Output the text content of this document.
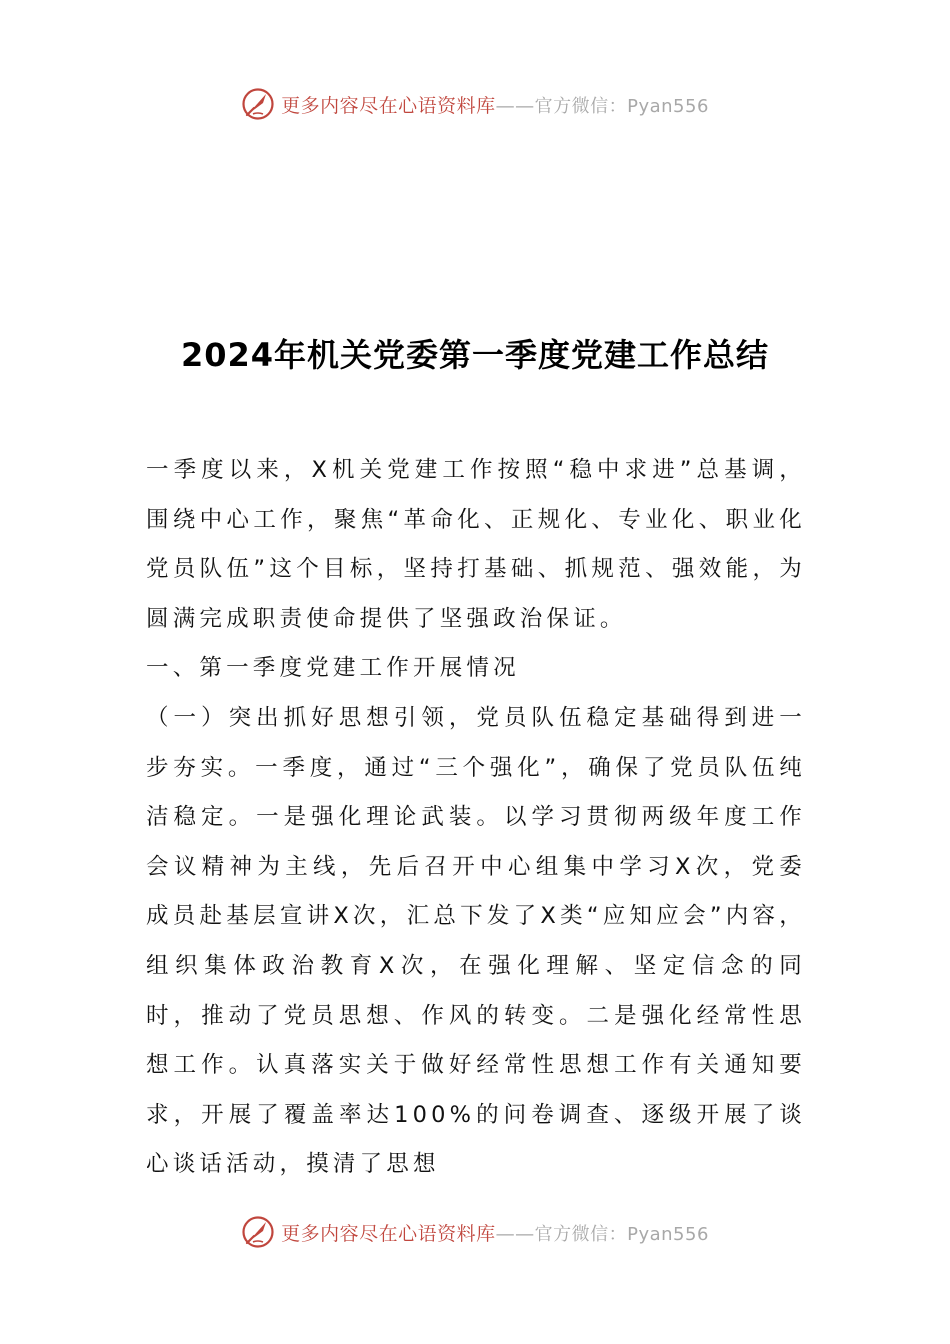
更多内容尽在心语资料库——官方微信：Pyan556
2024年机关党委第一季度党建工作总结

一季度以来，X机关党建工作按照“稳中求进”总基调，围绕中心工作，聚焦“革命化、正规化、专业化、职业化党员队伍”这个目标，坚持打基础、抓规范、强效能，为圆满完成职责使命提供了坚强政治保证。

一、第一季度党建工作开展情况

（一）突出抓好思想引领，党员队伍稳定基础得到进一步夯实。一季度，通过“三个强化”，确保了党员队伍纯洁稳定。一是强化理论武装。以学习贯彻两级年度工作会议精神为主线，先后召开中心组集中学习X次，党委成员赴基层宣讲X次，汇总下发了X类“应知应会”内容，组织集体政治教育X次，在强化理解、坚定信念的同时，推动了党员思想、作风的转变。二是强化经常性思想工作。认真落实关于做好经常性思想工作有关通知要求，开展了覆盖率达100%的问卷调查、逐级开展了谈心谈话活动，摸清了思想

更多内容尽在心语资料库——官方微信：Pyan556
